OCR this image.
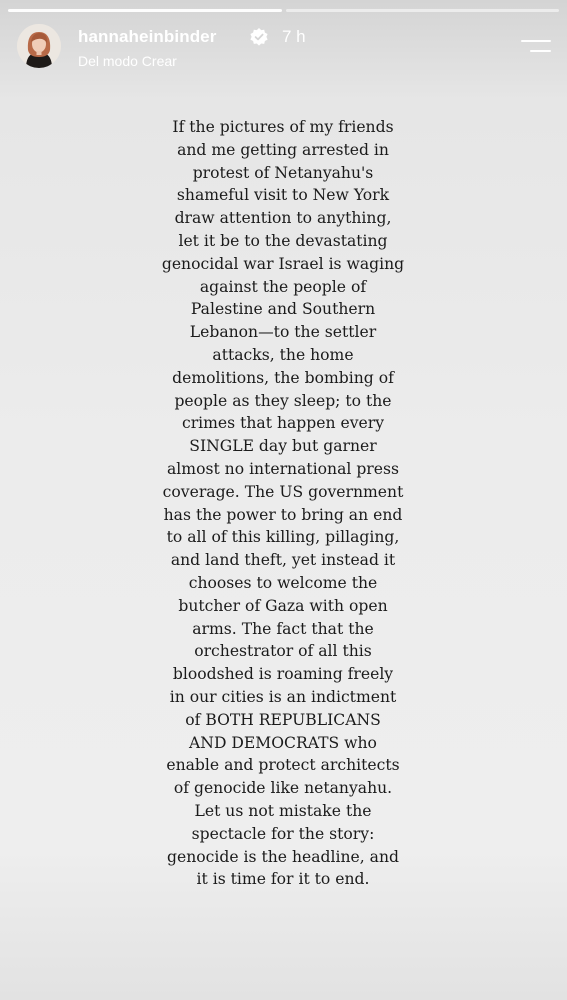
hannaheinbinder	7 h
Del modo Crear
If the pictures of my friends
and me getting arrested in
protest of Netanyahu's
shameful visit to New York
draw attention to anything,
let it be to the devastating
genocidal war Israel is waging
against the people of
Palestine and Southern
Lebanon—to the settler
attacks, the home
demolitions, the bombing of
people as they sleep; to the
crimes that happen every
SINGLE day but garner
almost no international press
coverage. The US government
has the power to bring an end
to all of this killing, pillaging,
and land theft, yet instead it
chooses to welcome the
butcher of Gaza with open
arms. The fact that the
orchestrator of all this
bloodshed is roaming freely
in our cities is an indictment
of BOTH REPUBLICANS
AND DEMOCRATS who
enable and protect architects
of genocide like netanyahu.
Let us not mistake the
spectacle for the story:
genocide is the headline, and
it is time for it to end.
